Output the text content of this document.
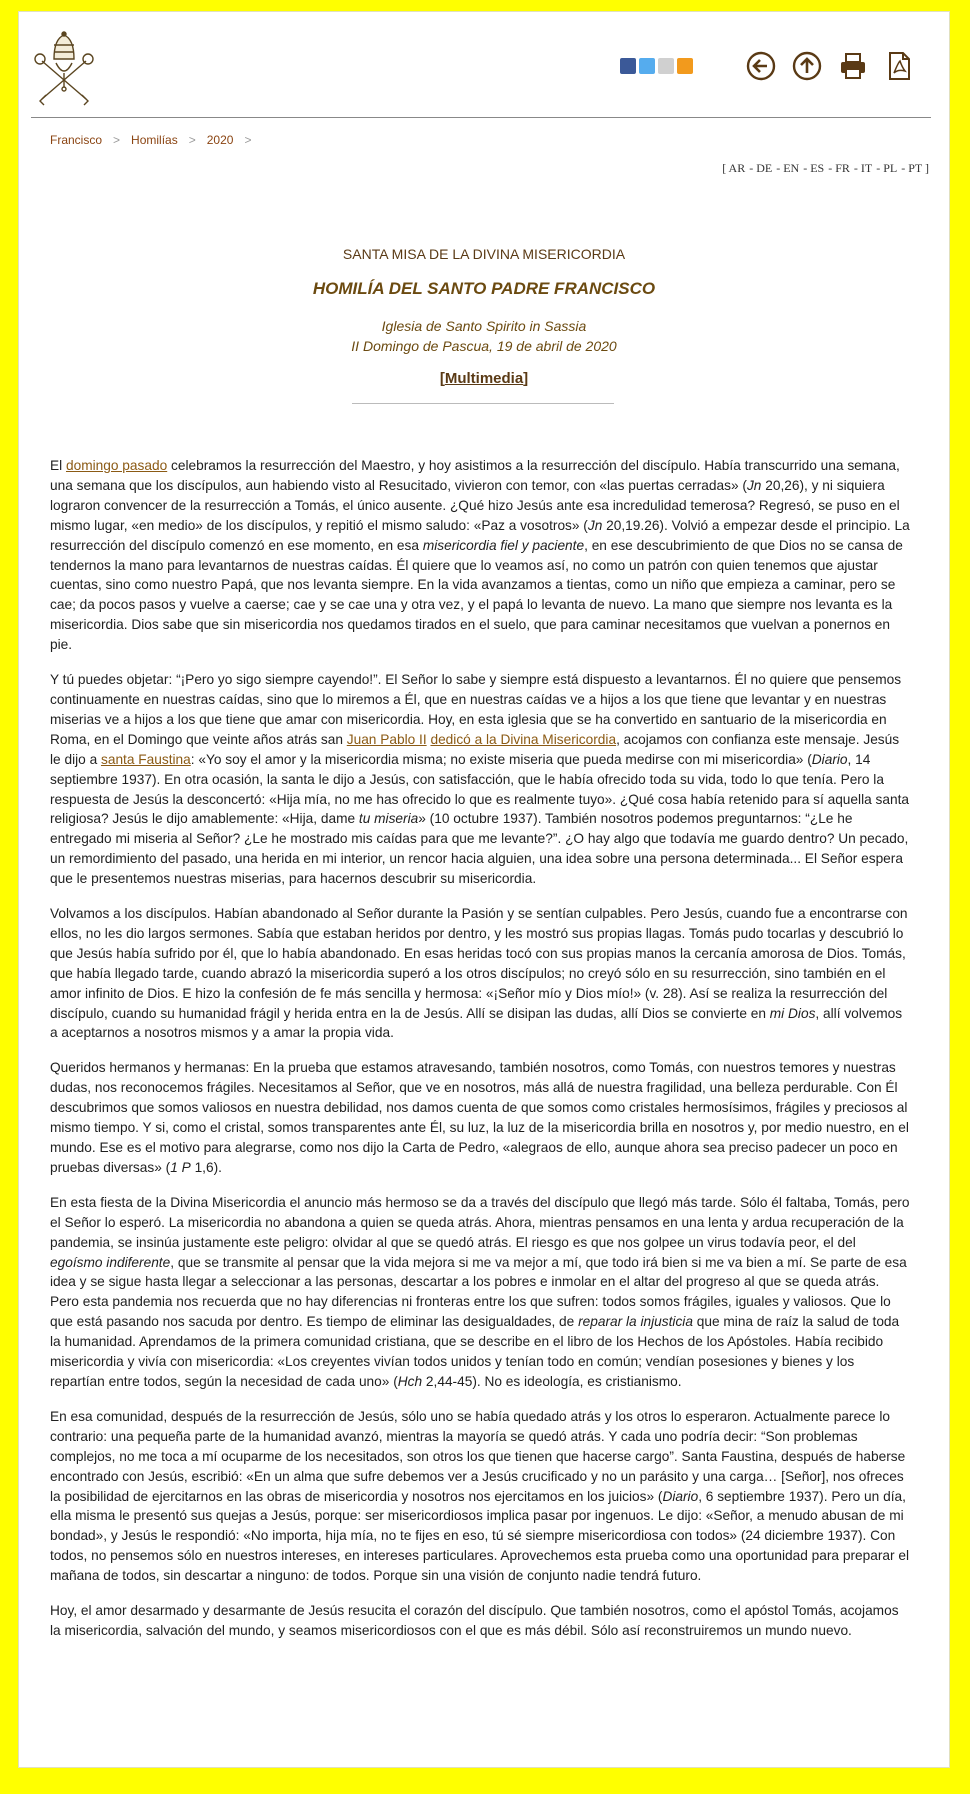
Francisco > Homilías > 2020 >
[ AR - DE - EN - ES - FR - IT - PL - PT ]
SANTA MISA DE LA DIVINA MISERICORDIA
HOMILÍA DEL SANTO PADRE FRANCISCO
Iglesia de Santo Spirito in Sassia
II Domingo de Pascua, 19 de abril de 2020
[Multimedia]

El domingo pasado celebramos la resurrección del Maestro, y hoy asistimos a la resurrección del discípulo. Había transcurrido una semana, una semana que los discípulos, aun habiendo visto al Resucitado, vivieron con temor, con «las puertas cerradas» (Jn 20,26), y ni siquiera lograron convencer de la resurrección a Tomás, el único ausente. ¿Qué hizo Jesús ante esa incredulidad temerosa? Regresó, se puso en el mismo lugar, «en medio» de los discípulos, y repitió el mismo saludo: «Paz a vosotros» (Jn 20,19.26). Volvió a empezar desde el principio. La resurrección del discípulo comenzó en ese momento, en esa misericordia fiel y paciente, en ese descubrimiento de que Dios no se cansa de tendernos la mano para levantarnos de nuestras caídas. Él quiere que lo veamos así, no como un patrón con quien tenemos que ajustar cuentas, sino como nuestro Papá, que nos levanta siempre. En la vida avanzamos a tientas, como un niño que empieza a caminar, pero se cae; da pocos pasos y vuelve a caerse; cae y se cae una y otra vez, y el papá lo levanta de nuevo. La mano que siempre nos levanta es la misericordia. Dios sabe que sin misericordia nos quedamos tirados en el suelo, que para caminar necesitamos que vuelvan a ponernos en pie.

Y tú puedes objetar: “¡Pero yo sigo siempre cayendo!”. El Señor lo sabe y siempre está dispuesto a levantarnos. Él no quiere que pensemos continuamente en nuestras caídas, sino que lo miremos a Él, que en nuestras caídas ve a hijos a los que tiene que levantar y en nuestras miserias ve a hijos a los que tiene que amar con misericordia. Hoy, en esta iglesia que se ha convertido en santuario de la misericordia en Roma, en el Domingo que veinte años atrás san Juan Pablo II dedicó a la Divina Misericordia, acojamos con confianza este mensaje. Jesús le dijo a santa Faustina: «Yo soy el amor y la misericordia misma; no existe miseria que pueda medirse con mi misericordia» (Diario, 14 septiembre 1937). En otra ocasión, la santa le dijo a Jesús, con satisfacción, que le había ofrecido toda su vida, todo lo que tenía. Pero la respuesta de Jesús la desconcertó: «Hija mía, no me has ofrecido lo que es realmente tuyo». ¿Qué cosa había retenido para sí aquella santa religiosa? Jesús le dijo amablemente: «Hija, dame tu miseria» (10 octubre 1937). También nosotros podemos preguntarnos: “¿Le he entregado mi miseria al Señor? ¿Le he mostrado mis caídas para que me levante?”. ¿O hay algo que todavía me guardo dentro? Un pecado, un remordimiento del pasado, una herida en mi interior, un rencor hacia alguien, una idea sobre una persona determinada... El Señor espera que le presentemos nuestras miserias, para hacernos descubrir su misericordia.

Volvamos a los discípulos. Habían abandonado al Señor durante la Pasión y se sentían culpables. Pero Jesús, cuando fue a encontrarse con ellos, no les dio largos sermones. Sabía que estaban heridos por dentro, y les mostró sus propias llagas. Tomás pudo tocarlas y descubrió lo que Jesús había sufrido por él, que lo había abandonado. En esas heridas tocó con sus propias manos la cercanía amorosa de Dios. Tomás, que había llegado tarde, cuando abrazó la misericordia superó a los otros discípulos; no creyó sólo en su resurrección, sino también en el amor infinito de Dios. E hizo la confesión de fe más sencilla y hermosa: «¡Señor mío y Dios mío!» (v. 28). Así se realiza la resurrección del discípulo, cuando su humanidad frágil y herida entra en la de Jesús. Allí se disipan las dudas, allí Dios se convierte en mi Dios, allí volvemos a aceptarnos a nosotros mismos y a amar la propia vida.

Queridos hermanos y hermanas: En la prueba que estamos atravesando, también nosotros, como Tomás, con nuestros temores y nuestras dudas, nos reconocemos frágiles. Necesitamos al Señor, que ve en nosotros, más allá de nuestra fragilidad, una belleza perdurable. Con Él descubrimos que somos valiosos en nuestra debilidad, nos damos cuenta de que somos como cristales hermosísimos, frágiles y preciosos al mismo tiempo. Y si, como el cristal, somos transparentes ante Él, su luz, la luz de la misericordia brilla en nosotros y, por medio nuestro, en el mundo. Ese es el motivo para alegrarse, como nos dijo la Carta de Pedro, «alegraos de ello, aunque ahora sea preciso padecer un poco en pruebas diversas» (1 P 1,6).

En esta fiesta de la Divina Misericordia el anuncio más hermoso se da a través del discípulo que llegó más tarde. Sólo él faltaba, Tomás, pero el Señor lo esperó. La misericordia no abandona a quien se queda atrás. Ahora, mientras pensamos en una lenta y ardua recuperación de la pandemia, se insinúa justamente este peligro: olvidar al que se quedó atrás. El riesgo es que nos golpee un virus todavía peor, el del egoísmo indiferente, que se transmite al pensar que la vida mejora si me va mejor a mí, que todo irá bien si me va bien a mí. Se parte de esa idea y se sigue hasta llegar a seleccionar a las personas, descartar a los pobres e inmolar en el altar del progreso al que se queda atrás. Pero esta pandemia nos recuerda que no hay diferencias ni fronteras entre los que sufren: todos somos frágiles, iguales y valiosos. Que lo que está pasando nos sacuda por dentro. Es tiempo de eliminar las desigualdades, de reparar la injusticia que mina de raíz la salud de toda la humanidad. Aprendamos de la primera comunidad cristiana, que se describe en el libro de los Hechos de los Apóstoles. Había recibido misericordia y vivía con misericordia: «Los creyentes vivían todos unidos y tenían todo en común; vendían posesiones y bienes y los repartían entre todos, según la necesidad de cada uno» (Hch 2,44-45). No es ideología, es cristianismo.

En esa comunidad, después de la resurrección de Jesús, sólo uno se había quedado atrás y los otros lo esperaron. Actualmente parece lo contrario: una pequeña parte de la humanidad avanzó, mientras la mayoría se quedó atrás. Y cada uno podría decir: “Son problemas complejos, no me toca a mí ocuparme de los necesitados, son otros los que tienen que hacerse cargo”. Santa Faustina, después de haberse encontrado con Jesús, escribió: «En un alma que sufre debemos ver a Jesús crucificado y no un parásito y una carga… [Señor], nos ofreces la posibilidad de ejercitarnos en las obras de misericordia y nosotros nos ejercitamos en los juicios» (Diario, 6 septiembre 1937). Pero un día, ella misma le presentó sus quejas a Jesús, porque: ser misericordiosos implica pasar por ingenuos. Le dijo: «Señor, a menudo abusan de mi bondad», y Jesús le respondió: «No importa, hija mía, no te fijes en eso, tú sé siempre misericordiosa con todos» (24 diciembre 1937). Con todos, no pensemos sólo en nuestros intereses, en intereses particulares. Aprovechemos esta prueba como una oportunidad para preparar el mañana de todos, sin descartar a ninguno: de todos. Porque sin una visión de conjunto nadie tendrá futuro.

Hoy, el amor desarmado y desarmante de Jesús resucita el corazón del discípulo. Que también nosotros, como el apóstol Tomás, acojamos la misericordia, salvación del mundo, y seamos misericordiosos con el que es más débil. Sólo así reconstruiremos un mundo nuevo.
